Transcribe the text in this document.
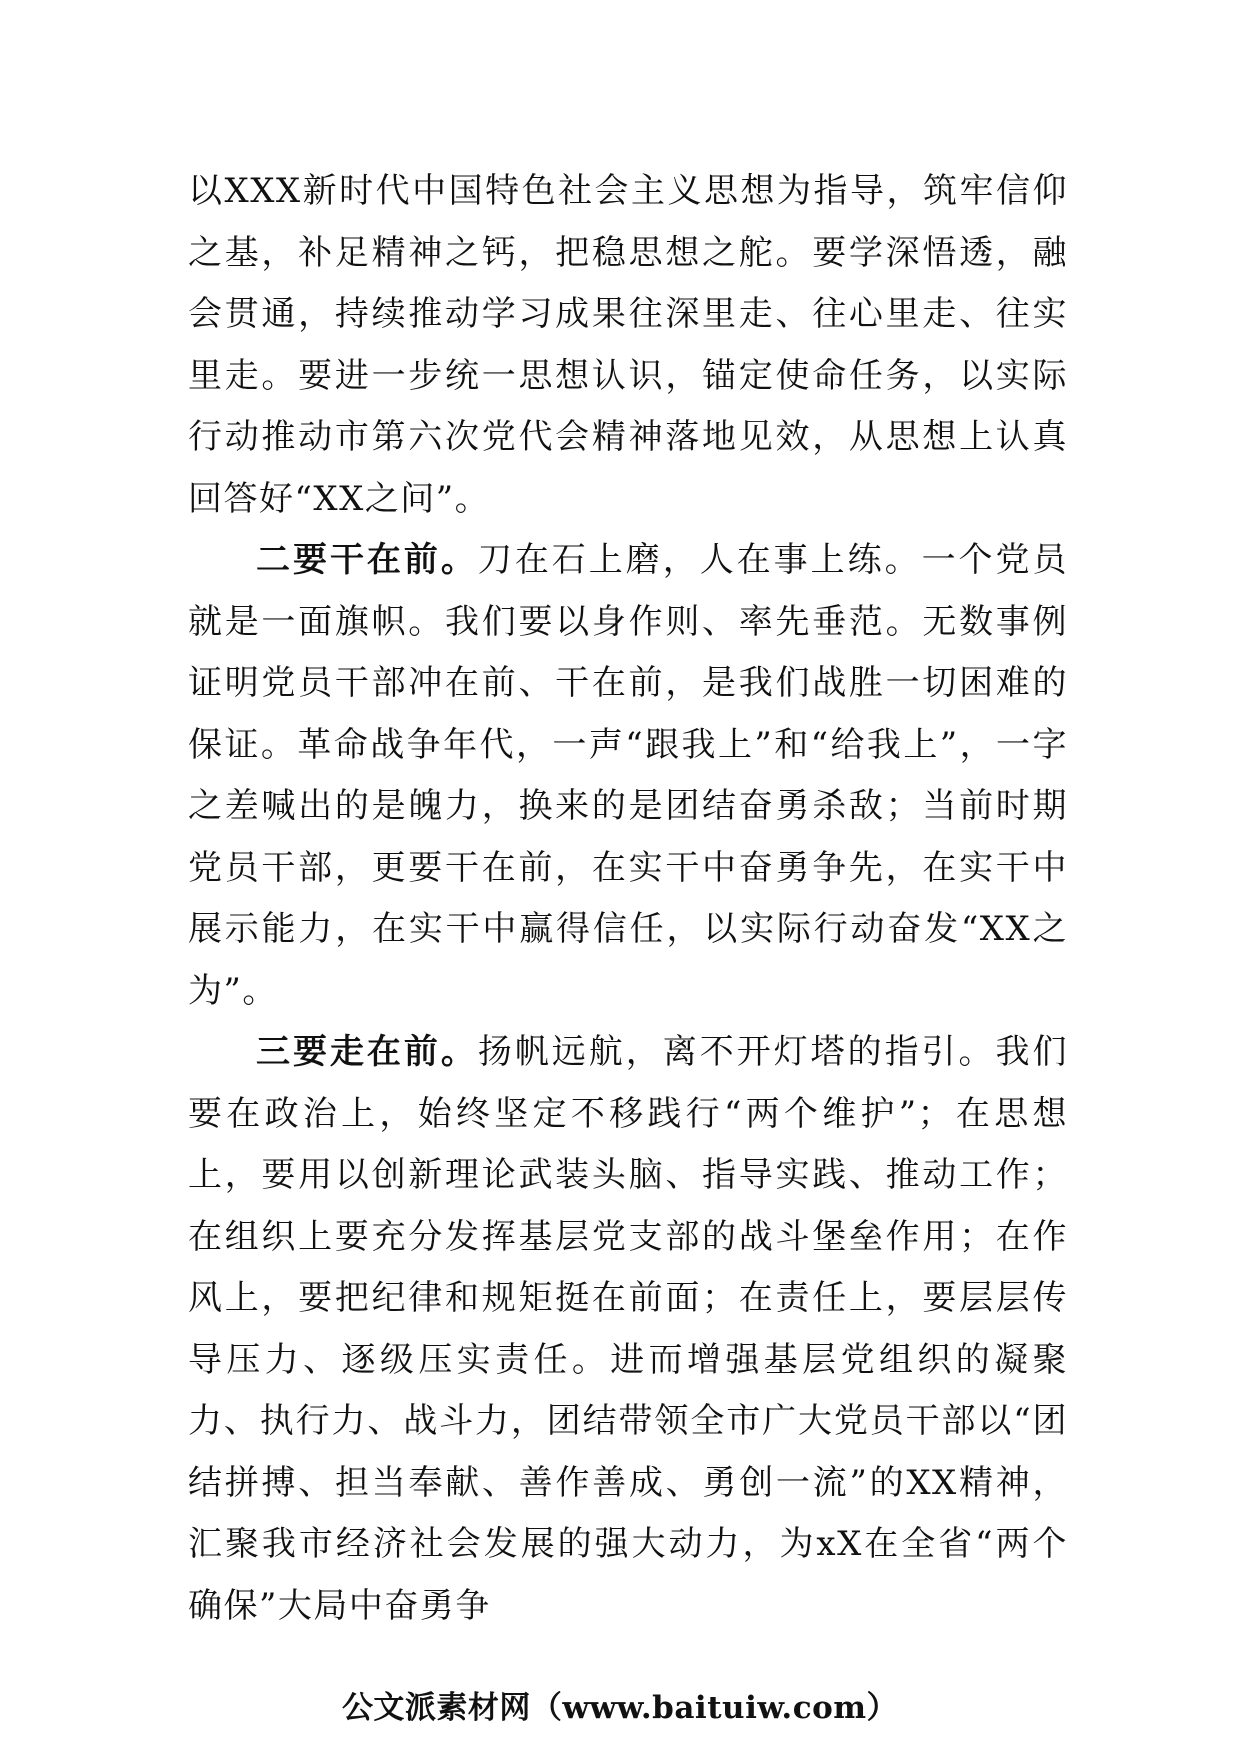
以XXX新时代中国特色社会主义思想为指导，筑牢信仰之基，补足精神之钙，把稳思想之舵。要学深悟透，融会贯通，持续推动学习成果往深里走、往心里走、往实里走。要进一步统一思想认识，锚定使命任务，以实际行动推动市第六次党代会精神落地见效，从思想上认真回答好“XX之问”。

二要干在前。刀在石上磨，人在事上练。一个党员就是一面旗帜。我们要以身作则、率先垂范。无数事例证明党员干部冲在前、干在前，是我们战胜一切困难的保证。革命战争年代，一声“跟我上”和“给我上”，一字之差喊出的是魄力，换来的是团结奋勇杀敌；当前时期党员干部，更要干在前，在实干中奋勇争先，在实干中展示能力，在实干中赢得信任，以实际行动奋发“XX之为”。

三要走在前。扬帆远航，离不开灯塔的指引。我们要在政治上，始终坚定不移践行“两个维护”；在思想上，要用以创新理论武装头脑、指导实践、推动工作；在组织上要充分发挥基层党支部的战斗堡垒作用；在作风上，要把纪律和规矩挺在前面；在责任上，要层层传导压力、逐级压实责任。进而增强基层党组织的凝聚力、执行力、战斗力，团结带领全市广大党员干部以“团结拼搏、担当奉献、善作善成、勇创一流”的XX精神，汇聚我市经济社会发展的强大动力，为xX在全省“两个确保”大局中奋勇争

公文派素材网（www.baituiw.com）
